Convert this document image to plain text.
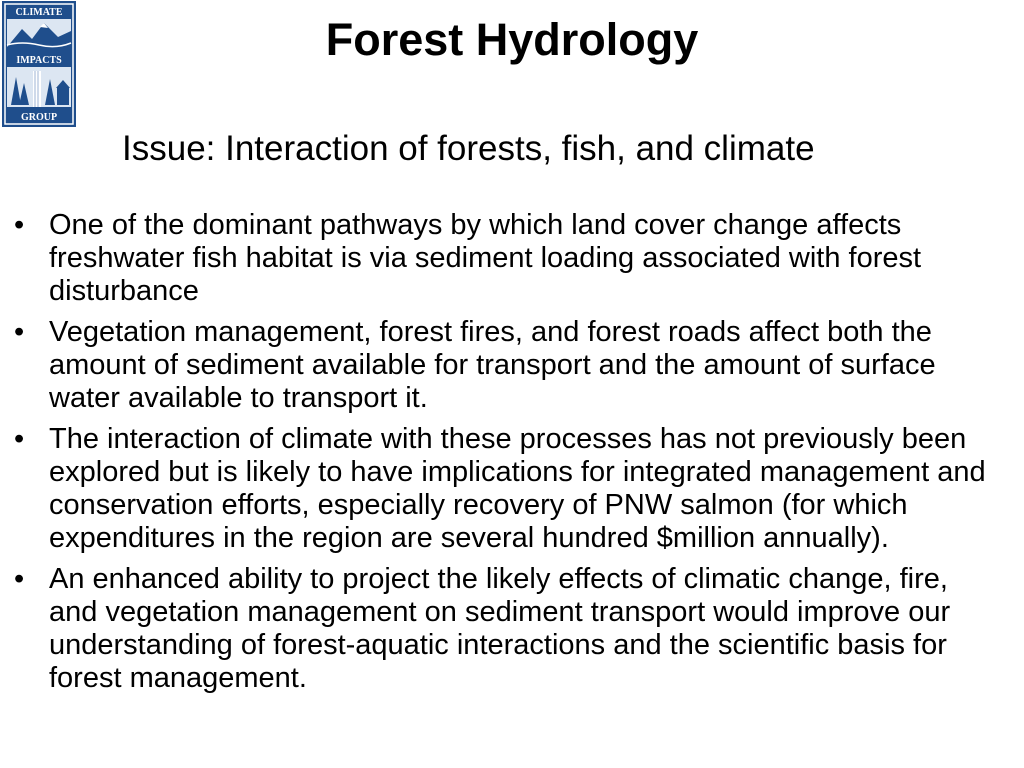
CLIMATE
IMPACTS
GROUP
Forest Hydrology

Issue: Interaction of forests, fish, and climate

• One of the dominant pathways by which land cover change affects freshwater fish habitat is via sediment loading associated with forest disturbance
• Vegetation management, forest fires, and forest roads affect both the amount of sediment available for transport and the amount of surface water available to transport it.
• The interaction of climate with these processes has not previously been explored but is likely to have implications for integrated management and conservation efforts, especially recovery of PNW salmon (for which expenditures in the region are several hundred $million annually).
• An enhanced ability to project the likely effects of climatic change, fire, and vegetation management on sediment transport would improve our understanding of forest-aquatic interactions and the scientific basis for forest management.
